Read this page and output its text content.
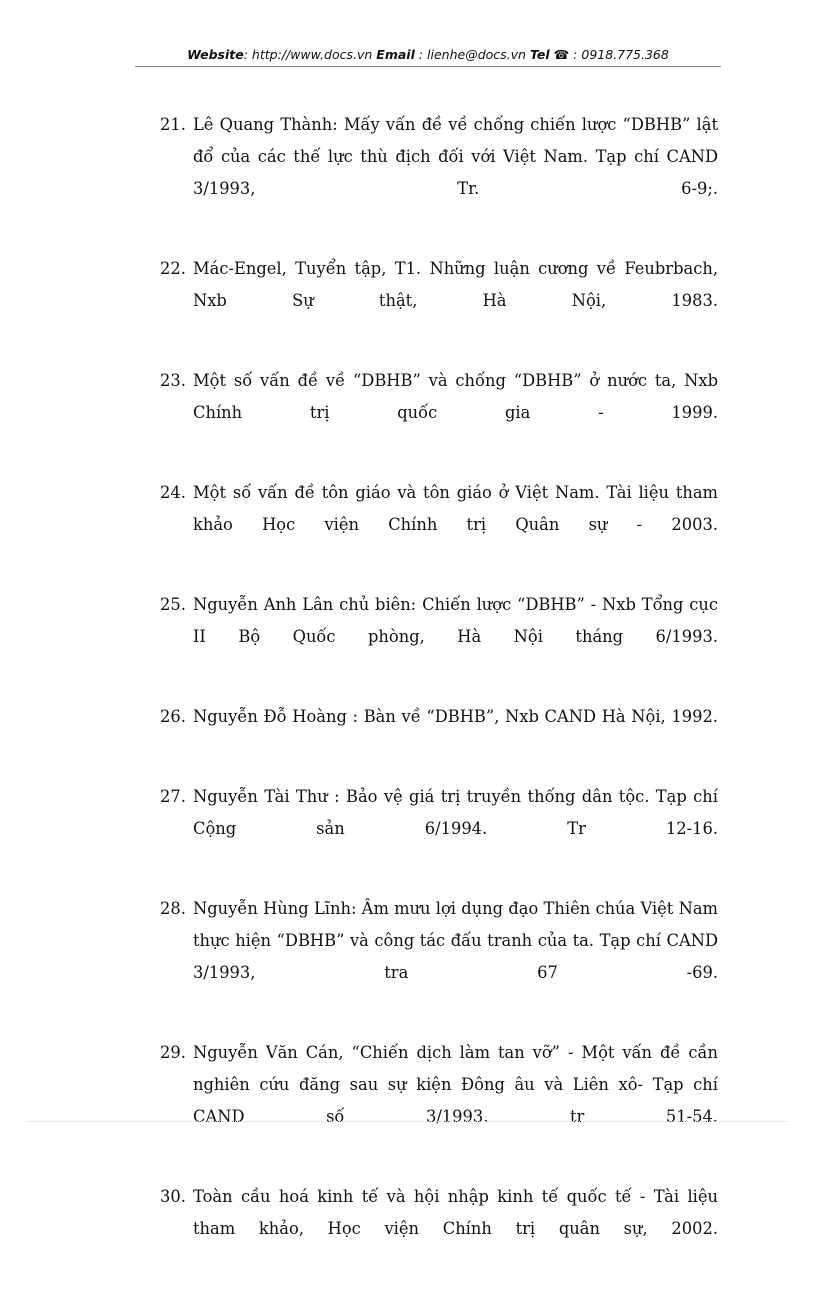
Website: http://www.docs.vn Email : lienhe@docs.vn Tel ☎ : 0918.775.368
21. Lê Quang Thành: Mấy vấn đề về chống chiến lược “DBHB” lật đổ của các thế lực thù địch đối với Việt Nam. Tạp chí CAND 3/1993, Tr. 6-9;.
22. Mác-Engel, Tuyển tập, T1. Những luận cương về Feubrbach, Nxb Sự thật, Hà Nội, 1983.
23. Một số vấn đề về “DBHB” và chống “DBHB” ở nước ta, Nxb Chính trị quốc gia - 1999.
24. Một số vấn đề tôn giáo và tôn giáo ở Việt Nam. Tài liệu tham khảo Học viện Chính trị Quân sự - 2003.
25. Nguyễn Anh Lân chủ biên: Chiến lược “DBHB” - Nxb Tổng cục II Bộ Quốc phòng, Hà Nội tháng 6/1993.
26. Nguyễn Đỗ Hoàng : Bàn về “DBHB”, Nxb CAND Hà Nội, 1992.
27. Nguyễn Tài Thư : Bảo vệ giá trị truyền thống dân tộc. Tạp chí Cộng sản 6/1994. Tr 12-16.
28. Nguyễn Hùng Lĩnh: Âm mưu lợi dụng đạo Thiên chúa Việt Nam thực hiện “DBHB” và công tác đấu tranh của ta. Tạp chí CAND 3/1993, tra 67 -69.
29. Nguyễn Văn Cán, “Chiến dịch làm tan vỡ” - Một vấn đề cần nghiên cứu đăng sau sự kiện Đông âu và Liên xô- Tạp chí CAND số 3/1993. tr 51-54.
30. Toàn cầu hoá kinh tế và hội nhập kinh tế quốc tế - Tài liệu tham khảo, Học viện Chính trị quân sự, 2002.
